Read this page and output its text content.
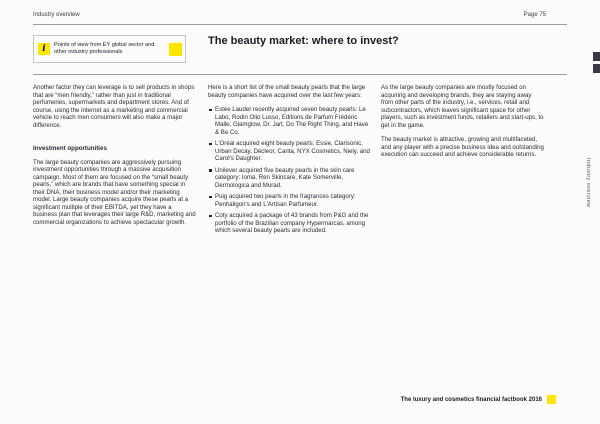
Industry overview	Page 75
i	Points of view from EY global sector and other industry professionals
The beauty market: where to invest?

Another factor they can leverage is to sell products in shops that are “men friendly,” rather than just in traditional perfumeries, supermarkets and department stores. And of course, using the internet as a marketing and commercial vehicle to reach men consumers will also make a major difference.

Investment opportunities

The large beauty companies are aggressively pursuing investment opportunities through a massive acquisition campaign. Most of them are focused on the “small beauty pearls,” which are brands that have something special in their DNA, their business model and/or their marketing model. Large beauty companies acquire these pearls at a significant multiple of their EBITDA, yet they have a business plan that leverages their large R&D, marketing and commercial organizations to achieve spectacular growth.

Here is a short list of the small beauty pearls that the large beauty companies have acquired over the last few years:

Estée Lauder recently acquired seven beauty pearls: Le Labo, Rodin Olio Lusso, Editions de Parfum Frédéric Malle, Glamglow, Dr. Jart, Do The Right Thing, and Have & Be Co.
L'Oréal acquired eight beauty pearls: Essie, Clarisonic, Urban Decay, Décleor, Carita, NYX Cosmetics, Niely, and Carol's Daughter.
Unilever acquired five beauty pearls in the skin care category: Ioma, Ren Skincare, Kate Somerville, Dermologica and Murad.
Puig acquired two pearls in the fragrances category: Penhaligon's and L'Artisan Parfumeur.
Coty acquired a package of 43 brands from P&G and the portfolio of the Brazilian company Hypermarcas, among which several beauty pearls are included.

As the large beauty companies are mostly focused on acquiring and developing brands, they are staying away from other parts of the industry, i.e., services, retail and subcontractors, which leaves significant space for other players, such as investment funds, retailers and start-ups, to get in the game.

The beauty market is attractive, growing and multifaceted, and any player with a precise business idea and outstanding execution can succeed and achieve considerable returns.

The luxury and cosmetics financial factbook 2016
Industry overview
